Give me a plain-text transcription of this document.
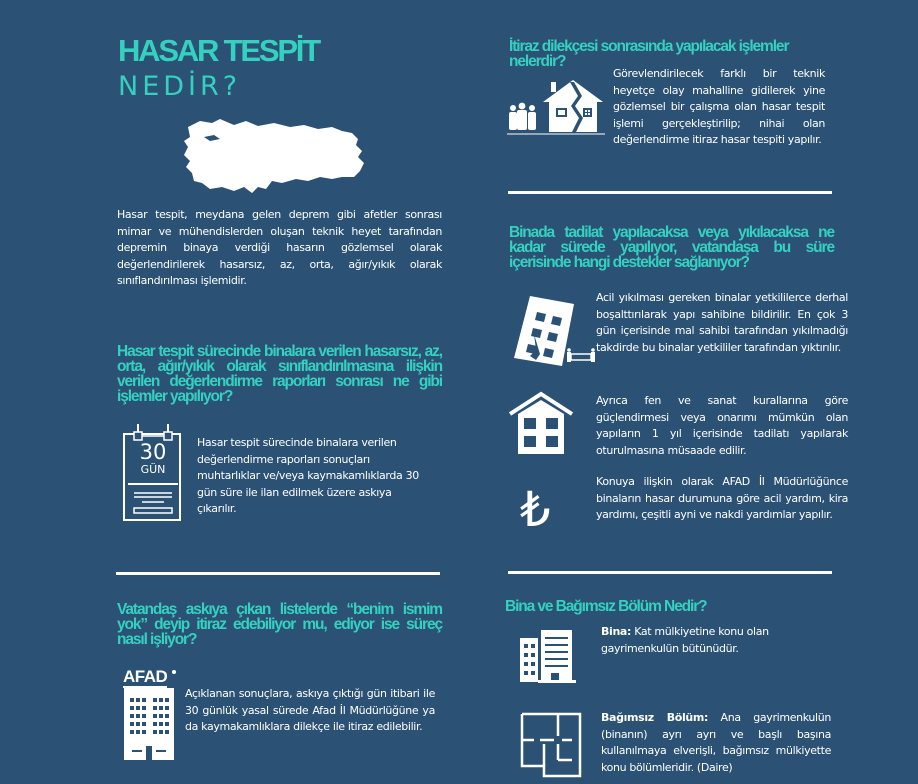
HASAR TESPİT
NEDİR?

Hasar tespit, meydana gelen deprem gibi afetler sonrası mimar ve mühendislerden oluşan teknik heyet tarafından depremin binaya verdiği hasarın gözlemsel olarak değerlendirilerek hasarsız, az, orta, ağır/yıkık olarak sınıflandırılması işlemidir.

Hasar tespit sürecinde binalara verilen hasarsız, az, orta, ağır/yıkık olarak sınıflandırılmasına ilişkin verilen değerlendirme raporları sonrası ne gibi işlemler yapılıyor?
30
GÜN

Hasar tespit sürecinde binalara verilen değerlendirme raporları sonuçları muhtarlıklar ve/veya kaymakamlıklarda 30 gün süre ile ilan edilmek üzere askıya çıkarılır.

Vatandaş askıya çıkan listelerde “benim ismim yok” deyip itiraz edebiliyor mu, ediyor ise süreç nasıl işliyor?
AFAD

Açıklanan sonuçlara, askıya çıktığı gün itibari ile 30 günlük yasal sürede Afad İl Müdürlüğüne ya da kaymakamlıklara dilekçe ile itiraz edilebilir.

İtiraz dilekçesi sonrasında yapılacak işlemler nelerdir?

Görevlendirilecek farklı bir teknik heyetçe olay mahalline gidilerek yine gözlemsel bir çalışma olan hasar tespit işlemi gerçekleştirilip; nihai olan değerlendirme itiraz hasar tespiti yapılır.

Binada tadilat yapılacaksa veya yıkılacaksa ne kadar sürede yapılıyor, vatandaşa bu süre içerisinde hangi destekler sağlanıyor?

Acil yıkılması gereken binalar yetkililerce derhal boşalttırılarak yapı sahibine bildirilir. En çok 3 gün içerisinde mal sahibi tarafından yıkılmadığı takdirde bu binalar yetkililer tarafından yıktırılır.

Ayrıca fen ve sanat kurallarına göre güçlendirmesi veya onarımı mümkün olan yapıların 1 yıl içerisinde tadilatı yapılarak oturulmasına müsaade edilir.

₺

Konuya ilişkin olarak AFAD İl Müdürlüğünce binaların hasar durumuna göre acil yardım, kira yardımı, çeşitli ayni ve nakdi yardımlar yapılır.

Bina ve Bağımsız Bölüm Nedir?

Bina: Kat mülkiyetine konu olan gayrimenkulün bütünüdür.

Bağımsız Bölüm: Ana gayrimenkulün (binanın) ayrı ayrı ve başlı başına kullanılmaya elverişli, bağımsız mülkiyette konu bölümleridir. (Daire)
